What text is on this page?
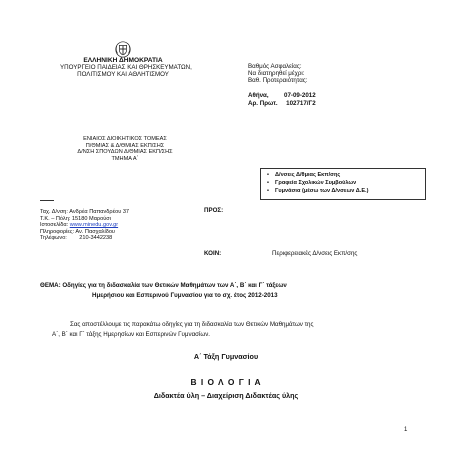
ΕΛΛΗΝΙΚΗ ΔΗΜΟΚΡΑΤΙΑ
ΥΠΟΥΡΓΕΙΟ ΠΑΙΔΕΙΑΣ ΚΑΙ ΘΡΗΣΚΕΥΜΑΤΩΝ,
ΠΟΛΙΤΙΣΜΟΥ ΚΑΙ ΑΘΛΗΤΙΣΜΟΥ
Βαθμός Ασφαλείας:
Να διατηρηθεί μέχρι:
Βαθ. Προτεραιότητας:
Αθήνα,         07-09-2012
Αρ. Πρωτ.     102717/Γ2
ΕΝΙΑΙΟΣ ΔΙΟΙΚΗΤΙΚΟΣ ΤΟΜΕΑΣ
Π/ΘΜΙΑΣ & Δ/ΘΜΙΑΣ ΕΚΠ/ΣΗΣ
Δ/ΝΣΗ ΣΠΟΥΔΩΝ Δ/ΘΜΙΑΣ ΕΚΠ/ΣΗΣ
ΤΜΗΜΑ Α΄
• Δ/νσεις Δ/θμιας Εκπ/σης
• Γραφεία Σχολικών Συμβούλων
• Γυμνάσια (μέσω των Δ/νσεων Δ.Ε.)
ΠΡΟΣ:
Ταχ. Δ/νση: Ανδρέα Παπανδρέου 37
Τ.Κ. – Πόλη: 15180 Μαρούσι
Ιστοσελίδα: www.minedu.gov.gr
Πληροφορίες: Αν. Πασχαλίδου
Τηλέφωνο:        210-3442238
ΚΟΙΝ:	Περιφερειακές Δ/νσεις Εκπ/σης
ΘΕΜΑ: Οδηγίες για τη διδασκαλία των Θετικών Μαθημάτων των Α΄, Β΄ και Γ΄ τάξεων
Ημερήσιου και Εσπερινού Γυμνασίου για το σχ. έτος 2012-2013
Σας αποστέλλουμε τις παρακάτω οδηγίες για τη διδασκαλία των Θετικών Μαθημάτων της
Α΄, Β΄ και Γ΄ τάξης Ημερησίων και Εσπερινών Γυμνασίων.
Α΄ Τάξη Γυμνασίου
Β Ι Ο Λ Ο Γ Ι Α
Διδακτέα ύλη – Διαχείριση Διδακτέας ύλης
1
